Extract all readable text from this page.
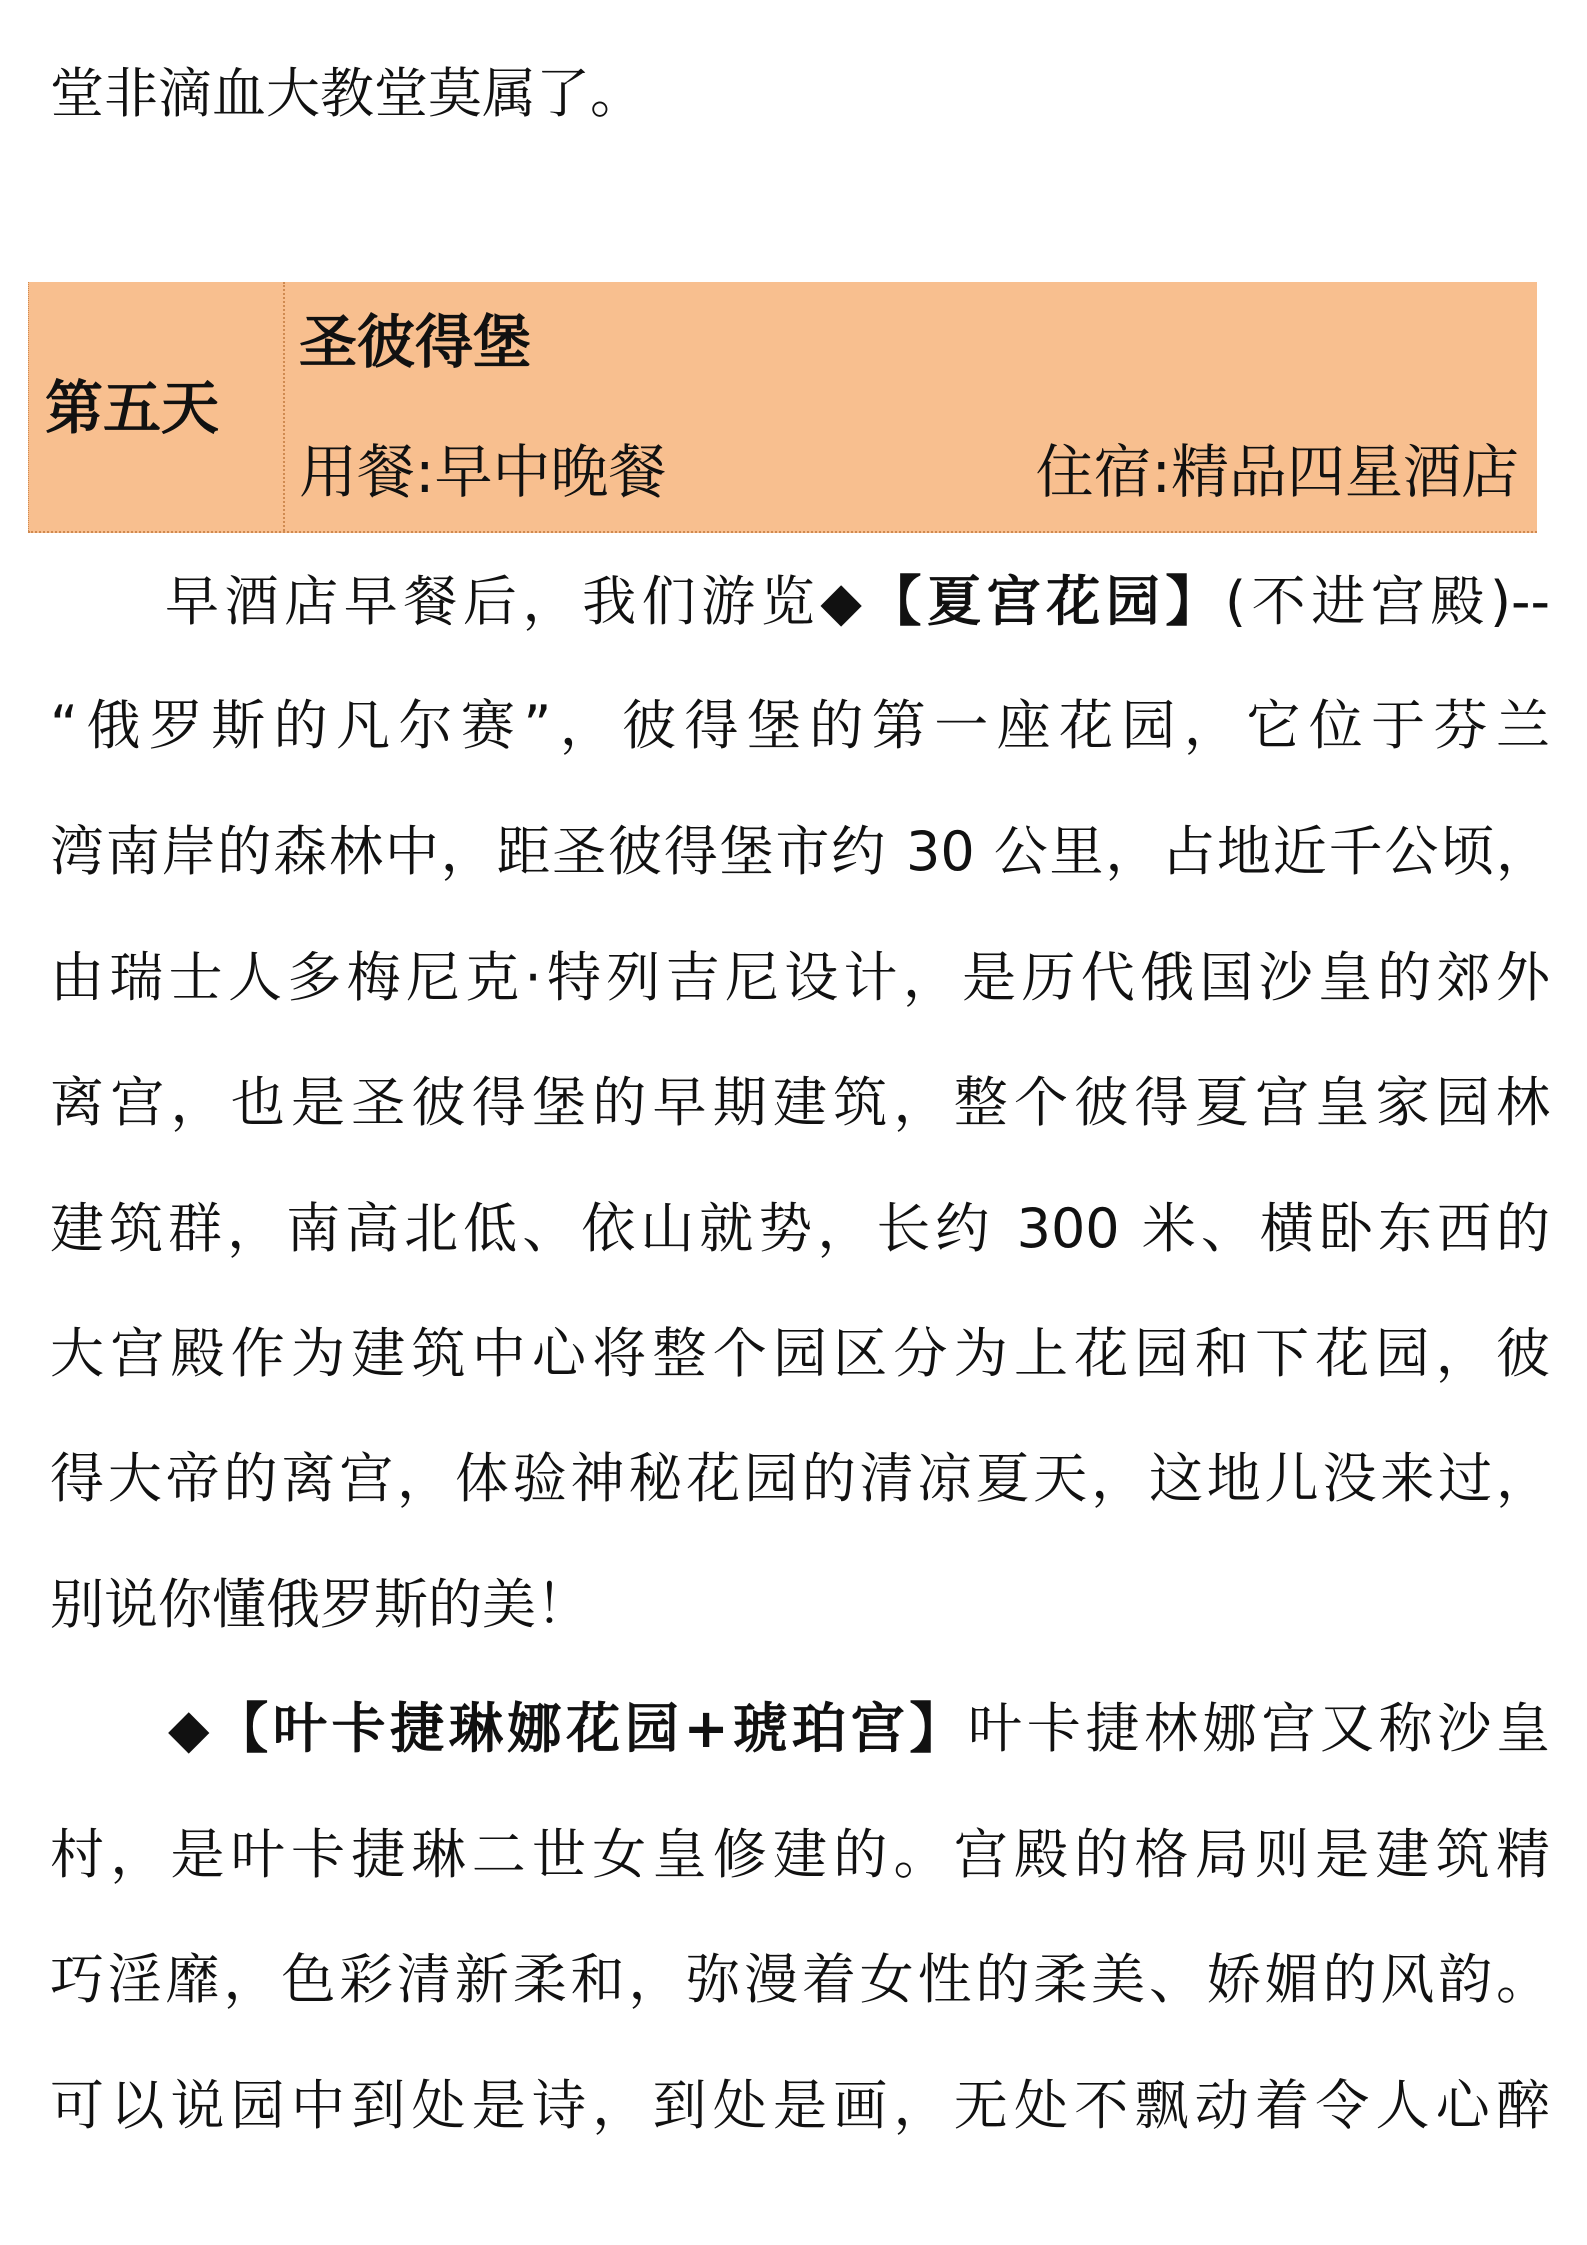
堂非滴血大教堂莫属了。
第五天
圣彼得堡
用餐:早中晚餐	住宿:精品四星酒店
早酒店早餐后，我们游览◆【夏宫花园】(不进宫殿)--
“俄罗斯的凡尔赛”，彼得堡的第一座花园，它位于芬兰
湾南岸的森林中，距圣彼得堡市约 30 公里，占地近千公顷，
由瑞士人多梅尼克·特列吉尼设计，是历代俄国沙皇的郊外
离宫，也是圣彼得堡的早期建筑，整个彼得夏宫皇家园林
建筑群，南高北低、依山就势，长约 300 米、横卧东西的
大宫殿作为建筑中心将整个园区分为上花园和下花园，彼
得大帝的离宫，体验神秘花园的清凉夏天，这地儿没来过，
别说你懂俄罗斯的美！
◆【叶卡捷琳娜花园+琥珀宫】叶卡捷林娜宫又称沙皇
村，是叶卡捷琳二世女皇修建的。宫殿的格局则是建筑精
巧淫靡，色彩清新柔和，弥漫着女性的柔美、娇媚的风韵。
可以说园中到处是诗，到处是画，无处不飘动着令人心醉
